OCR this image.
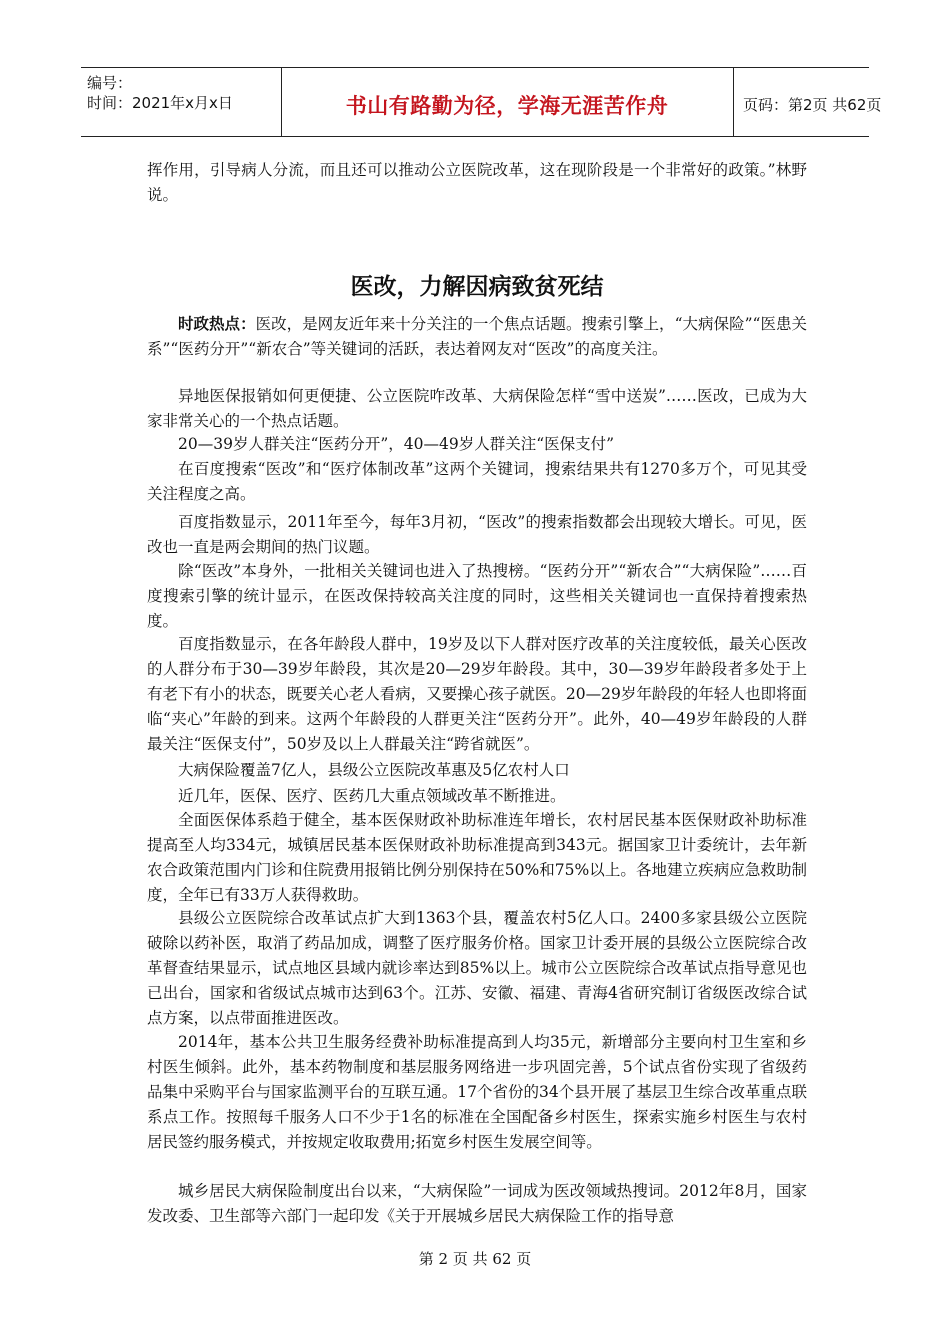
编号：
时间：2021年x月x日	书山有路勤为径，学海无涯苦作舟	页码：第2页 共62页

挥作用，引导病人分流，而且还可以推动公立医院改革，这在现阶段是一个非常好的政策。”林野说。

医改，力解因病致贫死结

时政热点：医改，是网友近年来十分关注的一个焦点话题。搜索引擎上，“大病保险”“医患关系”“医药分开”“新农合”等关键词的活跃，表达着网友对“医改”的高度关注。

异地医保报销如何更便捷、公立医院咋改革、大病保险怎样“雪中送炭”……医改，已成为大家非常关心的一个热点话题。

20—39岁人群关注“医药分开”，40—49岁人群关注“医保支付”

在百度搜索“医改”和“医疗体制改革”这两个关键词，搜索结果共有1270多万个，可见其受关注程度之高。

百度指数显示，2011年至今，每年3月初，“医改”的搜索指数都会出现较大增长。可见，医改也一直是两会期间的热门议题。

除“医改”本身外，一批相关关键词也进入了热搜榜。“医药分开”“新农合”“大病保险”……百度搜索引擎的统计显示，在医改保持较高关注度的同时，这些相关关键词也一直保持着搜索热度。

百度指数显示，在各年龄段人群中，19岁及以下人群对医疗改革的关注度较低，最关心医改的人群分布于30—39岁年龄段，其次是20—29岁年龄段。其中，30—39岁年龄段者多处于上有老下有小的状态，既要关心老人看病，又要操心孩子就医。20—29岁年龄段的年轻人也即将面临“夹心”年龄的到来。这两个年龄段的人群更关注“医药分开”。此外，40—49岁年龄段的人群最关注“医保支付”，50岁及以上人群最关注“跨省就医”。

大病保险覆盖7亿人，县级公立医院改革惠及5亿农村人口

近几年，医保、医疗、医药几大重点领域改革不断推进。

全面医保体系趋于健全，基本医保财政补助标准连年增长，农村居民基本医保财政补助标准提高至人均334元，城镇居民基本医保财政补助标准提高到343元。据国家卫计委统计，去年新农合政策范围内门诊和住院费用报销比例分别保持在50%和75%以上。各地建立疾病应急救助制度，全年已有33万人获得救助。

县级公立医院综合改革试点扩大到1363个县，覆盖农村5亿人口。2400多家县级公立医院破除以药补医，取消了药品加成，调整了医疗服务价格。国家卫计委开展的县级公立医院综合改革督查结果显示，试点地区县域内就诊率达到85%以上。城市公立医院综合改革试点指导意见也已出台，国家和省级试点城市达到63个。江苏、安徽、福建、青海4省研究制订省级医改综合试点方案，以点带面推进医改。

2014年，基本公共卫生服务经费补助标准提高到人均35元，新增部分主要向村卫生室和乡村医生倾斜。此外，基本药物制度和基层服务网络进一步巩固完善，5个试点省份实现了省级药品集中采购平台与国家监测平台的互联互通。17个省份的34个县开展了基层卫生综合改革重点联系点工作。按照每千服务人口不少于1名的标准在全国配备乡村医生，探索实施乡村医生与农村居民签约服务模式，并按规定收取费用;拓宽乡村医生发展空间等。

城乡居民大病保险制度出台以来，“大病保险”一词成为医改领域热搜词。2012年8月，国家发改委、卫生部等六部门一起印发《关于开展城乡居民大病保险工作的指导意

第 2 页 共 62 页
